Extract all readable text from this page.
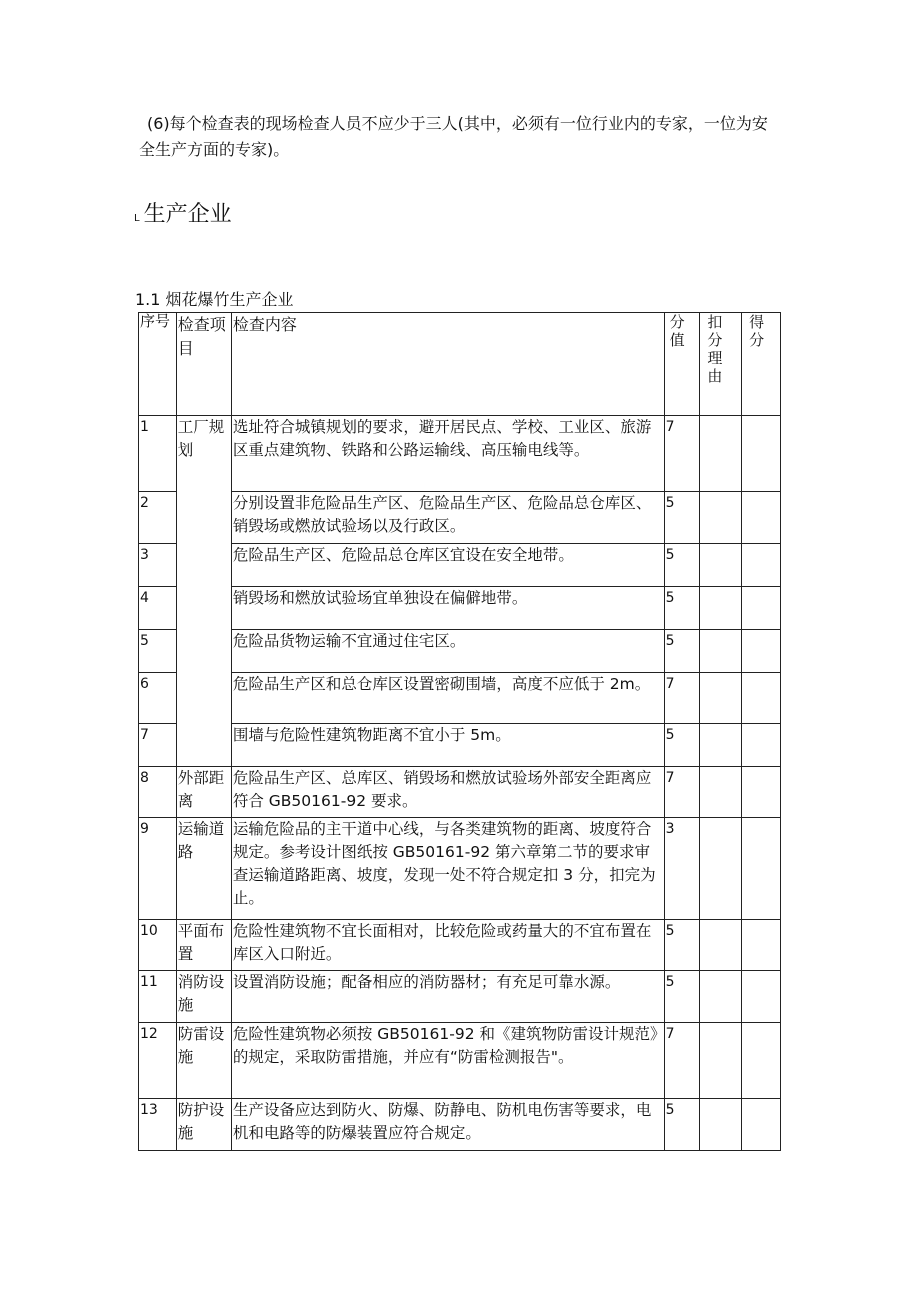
(6)每个检查表的现场检查人员不应少于三人(其中，必须有一位行业内的专家，一位为安全生产方面的专家)。

L 生产企业
1.1 烟花爆竹生产企业
序号	检查项目	检查内容	分值	扣分理由	得分

1	工厂规划	选址符合城镇规划的要求，避开居民点、学校、工业区、旅游区重点建筑物、铁路和公路运输线、高压输电线等。	7		
2		分别设置非危险品生产区、危险品生产区、危险品总仓库区、销毁场或燃放试验场以及行政区。	5		
3		危险品生产区、危险品总仓库区宜设在安全地带。	5		
4		销毁场和燃放试验场宜单独设在偏僻地带。	5		
5		危险品货物运输不宜通过住宅区。	5		
6		危险品生产区和总仓库区设置密砌围墙，高度不应低于 2m。	7		
7		围墙与危险性建筑物距离不宜小于 5m。	5		
8	外部距离	危险品生产区、总库区、销毁场和燃放试验场外部安全距离应符合 GB50161-92 要求。	7		
9	运输道路	运输危险品的主干道中心线，与各类建筑物的距离、坡度符合规定。参考设计图纸按 GB50161-92 第六章第二节的要求审查运输道路距离、坡度，发现一处不符合规定扣 3 分，扣完为止。	3		
10	平面布置	危险性建筑物不宜长面相对，比较危险或药量大的不宜布置在库区入口附近。	5		
11	消防设施	设置消防设施；配备相应的消防器材；有充足可靠水源。	5		
12	防雷设施	危险性建筑物必须按 GB50161-92 和《建筑物防雷设计规范》的规定，采取防雷措施，并应有“防雷检测报告"。	7		
13	防护设施	生产设备应达到防火、防爆、防静电、防机电伤害等要求，电机和电路等的防爆装置应符合规定。	5		
